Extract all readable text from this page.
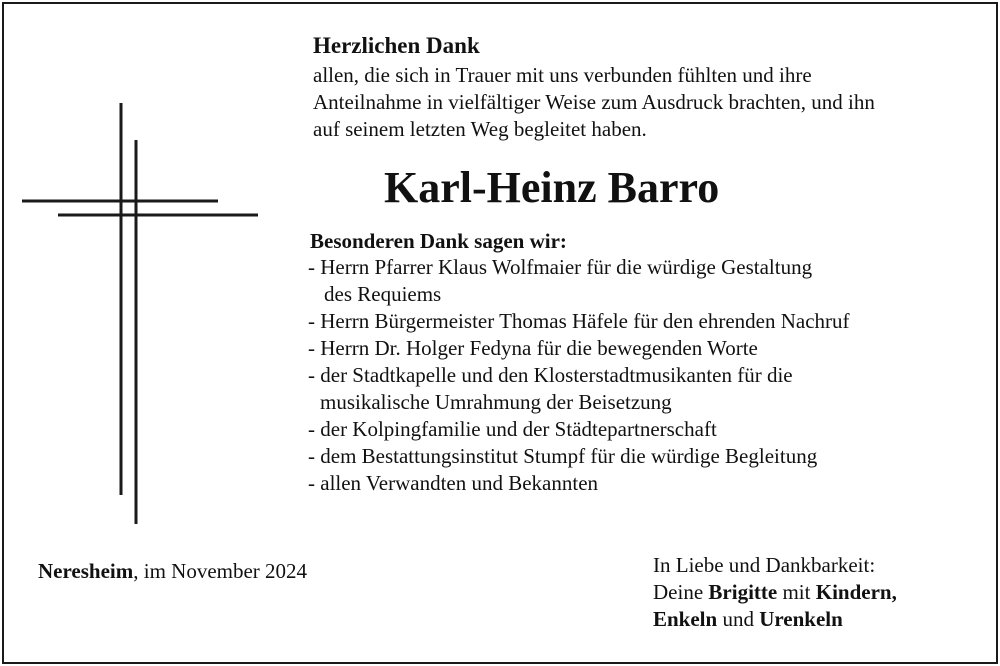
Herzlichen Dank
allen, die sich in Trauer mit uns verbunden fühlten und ihre
Anteilnahme in vielfältiger Weise zum Ausdruck brachten, und ihn
auf seinem letzten Weg begleitet haben.
Karl-Heinz Barro
Besonderen Dank sagen wir:
- Herrn Pfarrer Klaus Wolfmaier für die würdige Gestaltung
des Requiems
- Herrn Bürgermeister Thomas Häfele für den ehrenden Nachruf
- Herrn Dr. Holger Fedyna für die bewegenden Worte
- der Stadtkapelle und den Klosterstadtmusikanten für die
musikalische Umrahmung der Beisetzung
- der Kolpingfamilie und der Städtepartnerschaft
- dem Bestattungsinstitut Stumpf für die würdige Begleitung
- allen Verwandten und Bekannten
Neresheim, im November 2024	In Liebe und Dankbarkeit:
Deine Brigitte mit Kindern,
Enkeln und Urenkeln
